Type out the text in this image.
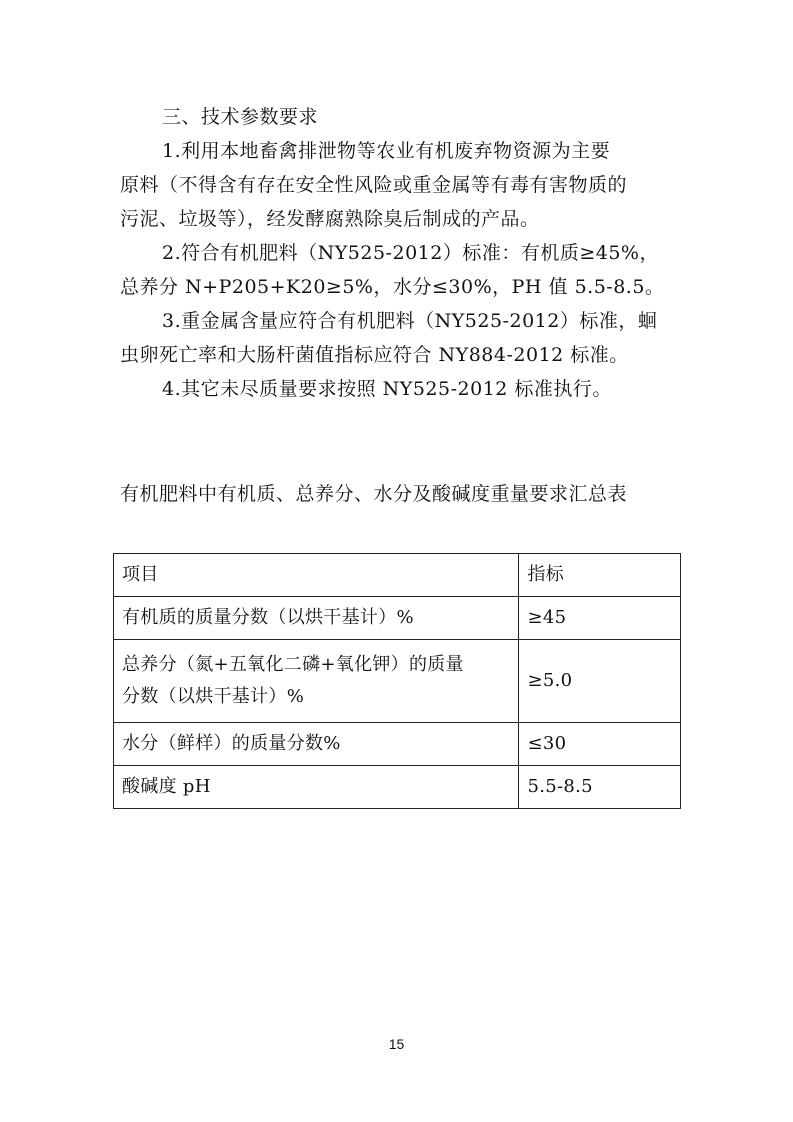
三、技术参数要求
1.利用本地畜禽排泄物等农业有机废弃物资源为主要
原料（不得含有存在安全性风险或重金属等有毒有害物质的
污泥、垃圾等），经发酵腐熟除臭后制成的产品。
2.符合有机肥料（NY525-2012）标准：有机质≥45%，
总养分 N+P205+K20≥5%，水分≤30%，PH 值 5.5-8.5。
3.重金属含量应符合有机肥料（NY525-2012）标准，蛔
虫卵死亡率和大肠杆菌值指标应符合 NY884-2012 标准。
4.其它未尽质量要求按照 NY525-2012 标准执行。
有机肥料中有机质、总养分、水分及酸碱度重量要求汇总表
项目	指标

有机质的质量分数（以烘干基计）%	≥45

总养分（氮+五氧化二磷+氧化钾）的质量
分数（以烘干基计）%	≥5.0

水分（鲜样）的质量分数%	≤30

酸碱度 pH	5.5-8.5
15
